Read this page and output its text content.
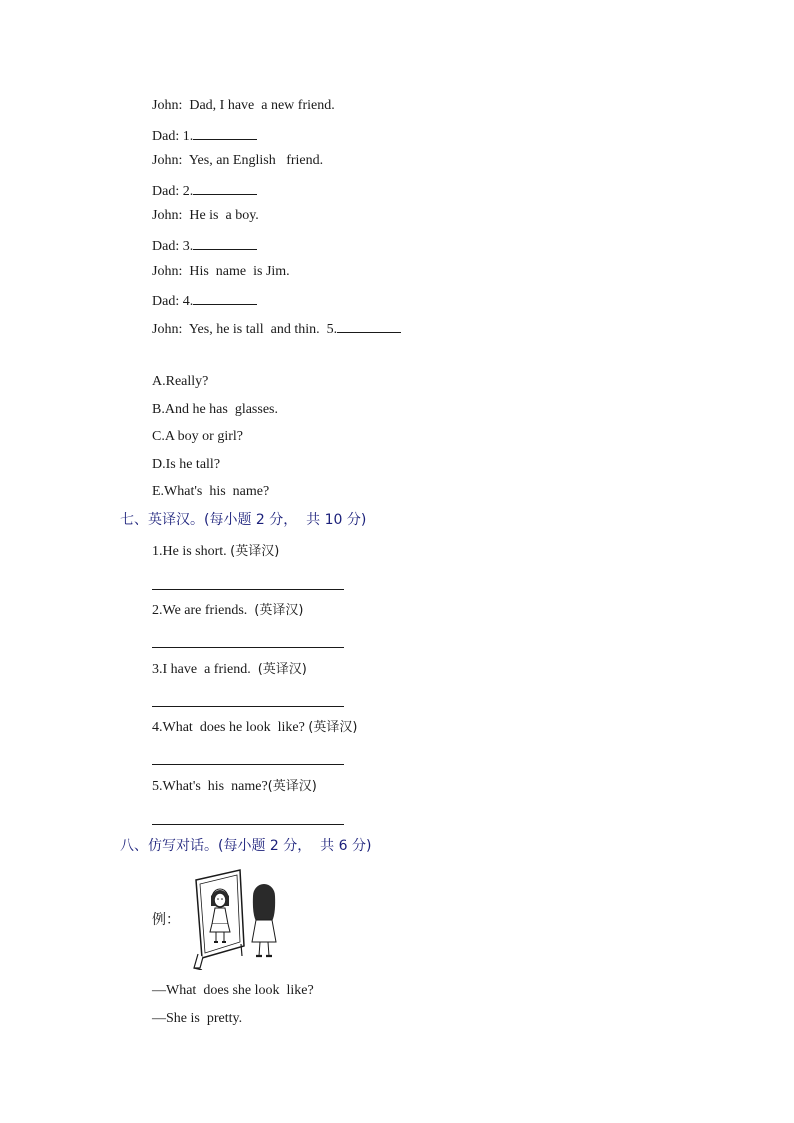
John: Dad, I have  a new friend.
Dad: 1.
John: Yes, an English   friend.
Dad: 2.
John: He is  a boy.
Dad: 3.
John: His  name  is Jim.
Dad: 4.
John: Yes, he is tall  and thin.  5.
A.Really?
B.And he has  glasses.
C.A boy or girl?
D.Is he tall?
E.What's  his  name?
七、英译汉。(每小题 2 分，  共 10 分)
1.He is short. (英译汉)
2.We are friends. (英译汉)
3.I have  a friend. (英译汉)
4.What  does he look  like? (英译汉)
5.What's  his  name?(英译汉)
八、仿写对话。(每小题 2 分，  共 6 分)
例：
—What  does she look  like?
—She is  pretty.
